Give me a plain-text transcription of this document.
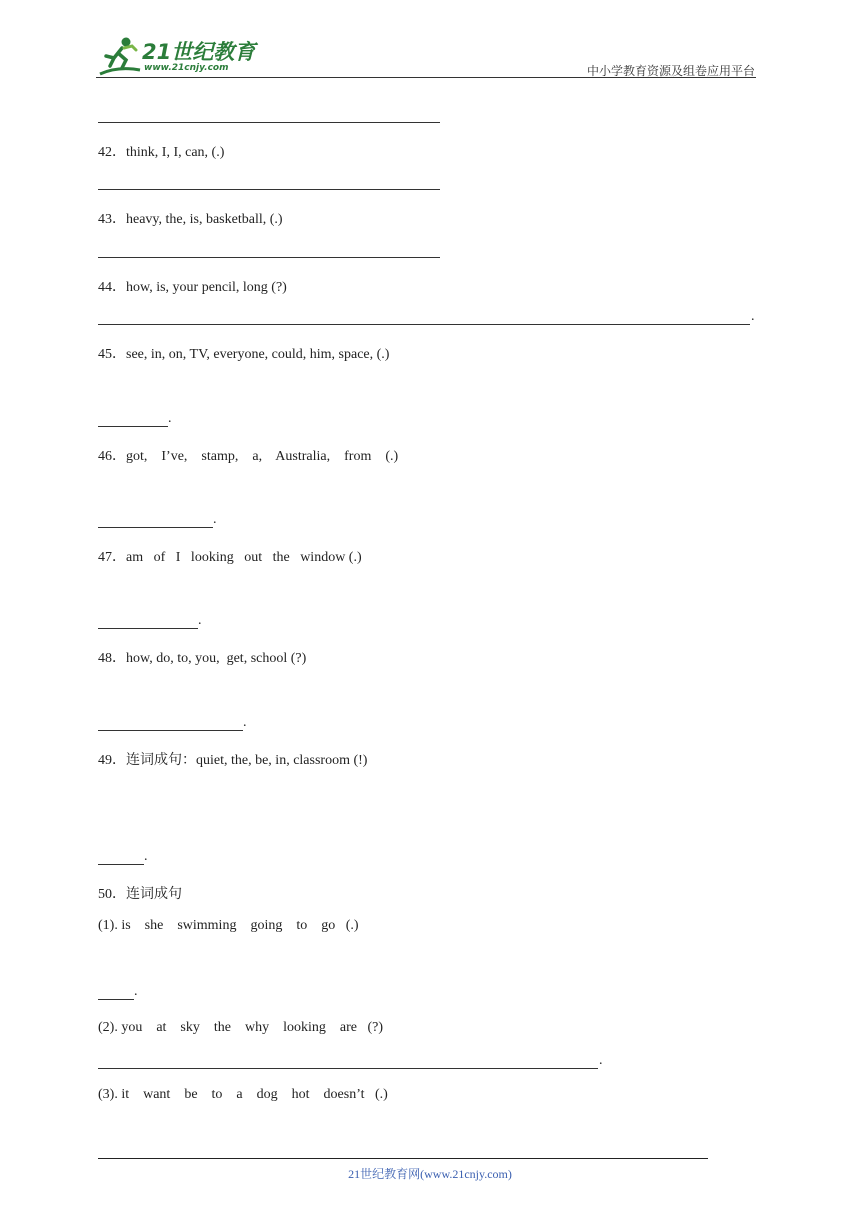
21世纪教育
www.21cnjy.com	中小学教育资源及组卷应用平台
42．think, I, I, can, (.)
43．heavy, the, is, basketball, (.)
44．how, is, your pencil, long (?)
.
45．see, in, on, TV, everyone, could, him, space, (.)
.
46．got,    I’ve,    stamp,    a,    Australia,    from    (.)
.
47．am   of   I   looking   out   the   window (.)
.
48．how, do, to, you,  get, school (?)
.
49．连词成句：quiet, the, be, in, classroom (!)
.
50．连词成句
(1). is    she    swimming    going    to    go   (.)
.
(2). you    at    sky    the    why    looking    are   (?)
.
(3). it    want    be    to    a    dog    hot    doesn’t   (.)
21世纪教育网(www.21cnjy.com)
